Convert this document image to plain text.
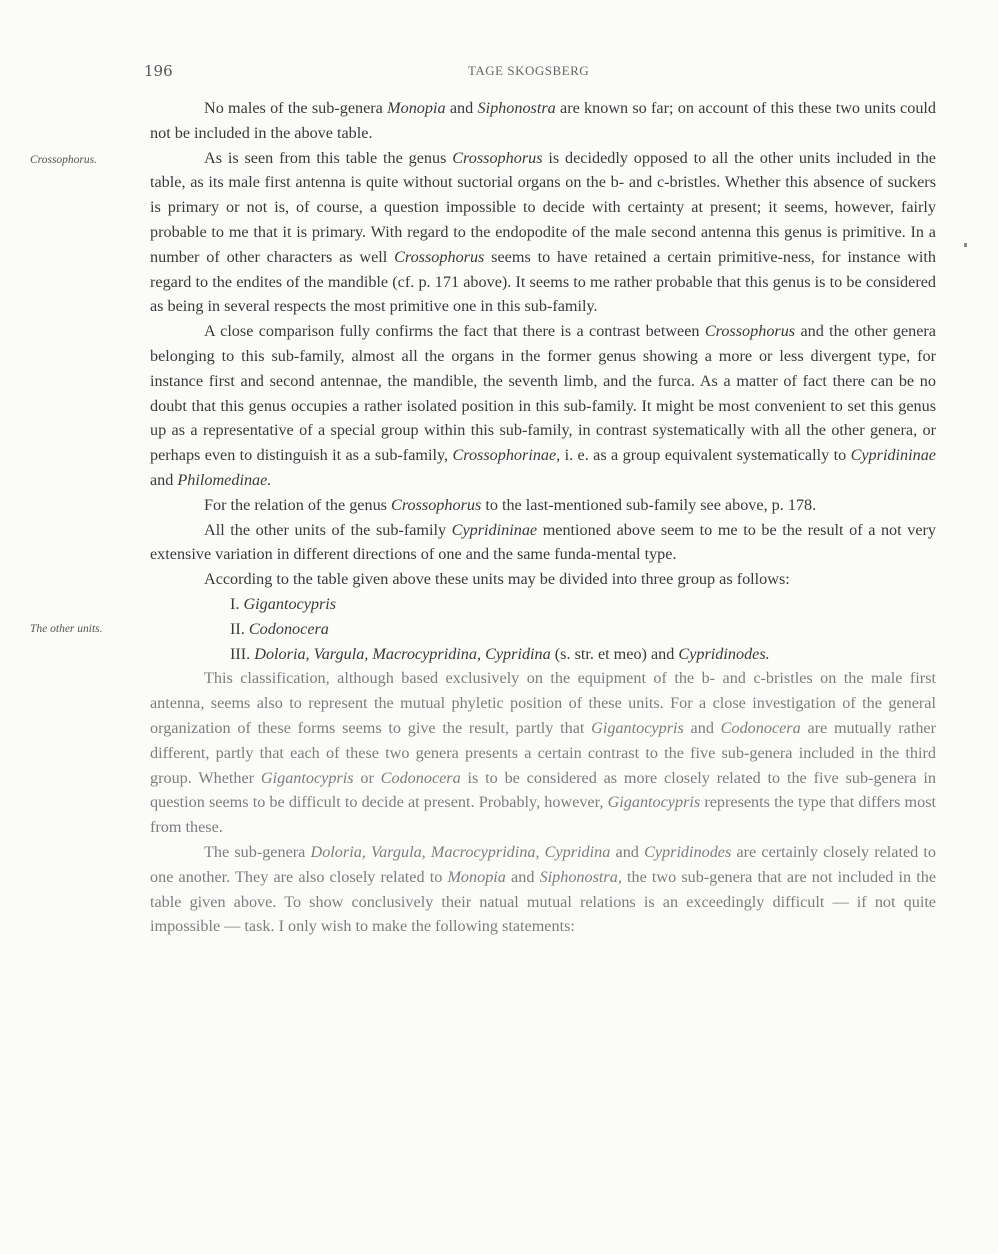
196	TAGE SKOGSBERG
Crossophorus.
The other units.

No males of the sub-genera Monopia and Siphonostra are known so far; on account of this these two units could not be included in the above table.

As is seen from this table the genus Crossophorus is decidedly opposed to all the other units included in the table, as its male first antenna is quite without suctorial organs on the b- and c-bristles. Whether this absence of suckers is primary or not is, of course, a question impossible to decide with certainty at present; it seems, however, fairly probable to me that it is primary. With regard to the endopodite of the male second antenna this genus is primitive. In a number of other characters as well Crossophorus seems to have retained a certain primitive-ness, for instance with regard to the endites of the mandible (cf. p. 171 above). It seems to me rather probable that this genus is to be considered as being in several respects the most primitive one in this sub-family.

A close comparison fully confirms the fact that there is a contrast between Crossophorus and the other genera belonging to this sub-family, almost all the organs in the former genus showing a more or less divergent type, for instance first and second antennae, the mandible, the seventh limb, and the furca. As a matter of fact there can be no doubt that this genus occupies a rather isolated position in this sub-family. It might be most convenient to set this genus up as a representative of a special group within this sub-family, in contrast systematically with all the other genera, or perhaps even to distinguish it as a sub-family, Crossophorinae, i. e. as a group equivalent systematically to Cypridininae and Philomedinae.

For the relation of the genus Crossophorus to the last-mentioned sub-family see above, p. 178.

All the other units of the sub-family Cypridininae mentioned above seem to me to be the result of a not very extensive variation in different directions of one and the same funda-mental type.

According to the table given above these units may be divided into three group as follows:

I. Gigantocypris
II. Codonocera
III. Doloria, Vargula, Macrocypridina, Cypridina (s. str. et meo) and Cypridinodes.

This classification, although based exclusively on the equipment of the b- and c-bristles on the male first antenna, seems also to represent the mutual phyletic position of these units. For a close investigation of the general organization of these forms seems to give the result, partly that Gigantocypris and Codonocera are mutually rather different, partly that each of these two genera presents a certain contrast to the five sub-genera included in the third group. Whether Gigantocypris or Codonocera is to be considered as more closely related to the five sub-genera in question seems to be difficult to decide at present. Probably, however, Gigantocypris represents the type that differs most from these.

The sub-genera Doloria, Vargula, Macrocypridina, Cypridina and Cypridinodes are certainly closely related to one another. They are also closely related to Monopia and Siphonostra, the two sub-genera that are not included in the table given above. To show conclusively their natual mutual relations is an exceedingly difficult — if not quite impossible — task. I only wish to make the following statements:
